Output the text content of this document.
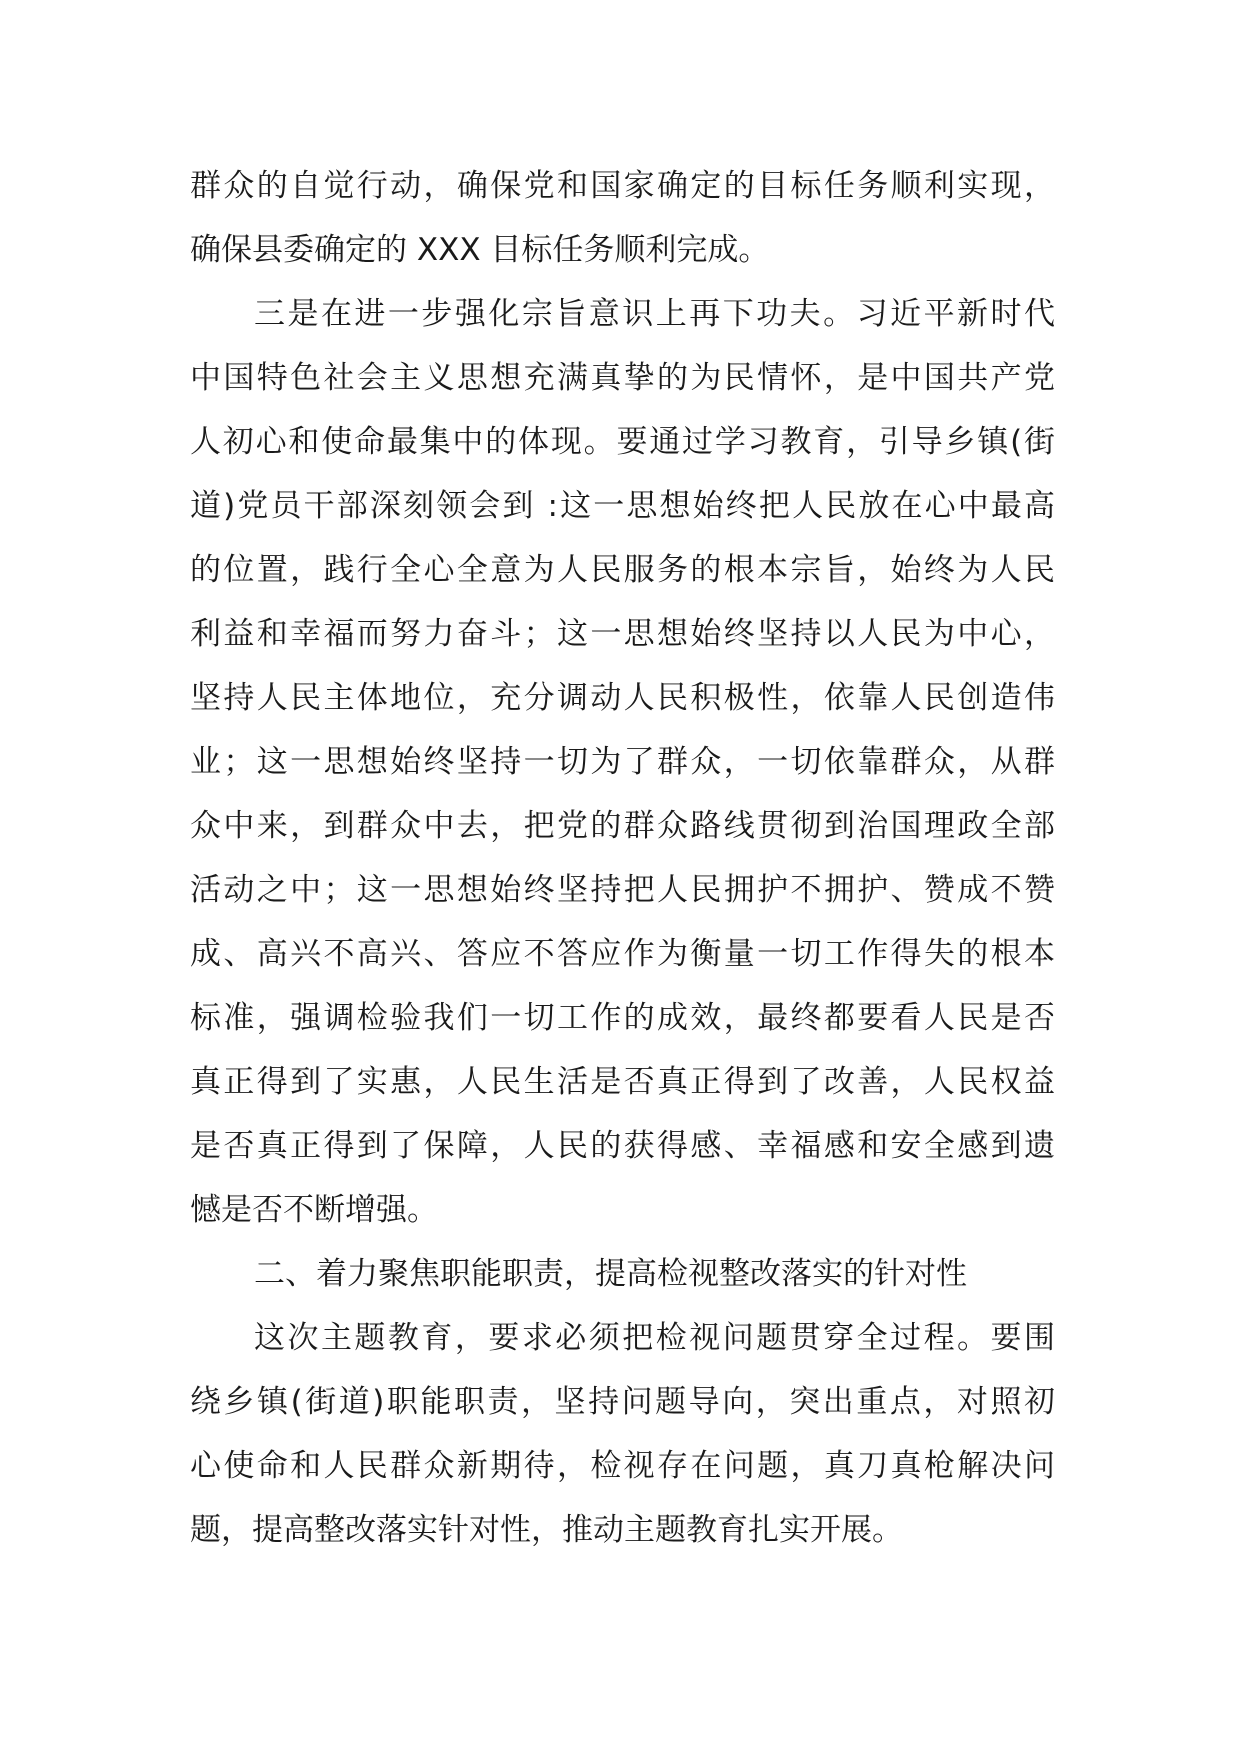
群众的自觉行动，确保党和国家确定的目标任务顺利实现，
确保县委确定的 XXX 目标任务顺利完成。
三是在进一步强化宗旨意识上再下功夫。习近平新时代
中国特色社会主义思想充满真挚的为民情怀，是中国共产党
人初心和使命最集中的体现。要通过学习教育，引导乡镇(街
道)党员干部深刻领会到 :这一思想始终把人民放在心中最高
的位置，践行全心全意为人民服务的根本宗旨，始终为人民
利益和幸福而努力奋斗；这一思想始终坚持以人民为中心，
坚持人民主体地位，充分调动人民积极性，依靠人民创造伟
业；这一思想始终坚持一切为了群众，一切依靠群众，从群
众中来，到群众中去，把党的群众路线贯彻到治国理政全部
活动之中；这一思想始终坚持把人民拥护不拥护、赞成不赞
成、高兴不高兴、答应不答应作为衡量一切工作得失的根本
标准，强调检验我们一切工作的成效，最终都要看人民是否
真正得到了实惠，人民生活是否真正得到了改善，人民权益
是否真正得到了保障，人民的获得感、幸福感和安全感到遗
憾是否不断增强。
二、着力聚焦职能职责，提高检视整改落实的针对性
这次主题教育，要求必须把检视问题贯穿全过程。要围
绕乡镇(街道)职能职责，坚持问题导向，突出重点，对照初
心使命和人民群众新期待，检视存在问题，真刀真枪解决问
题，提高整改落实针对性，推动主题教育扎实开展。
